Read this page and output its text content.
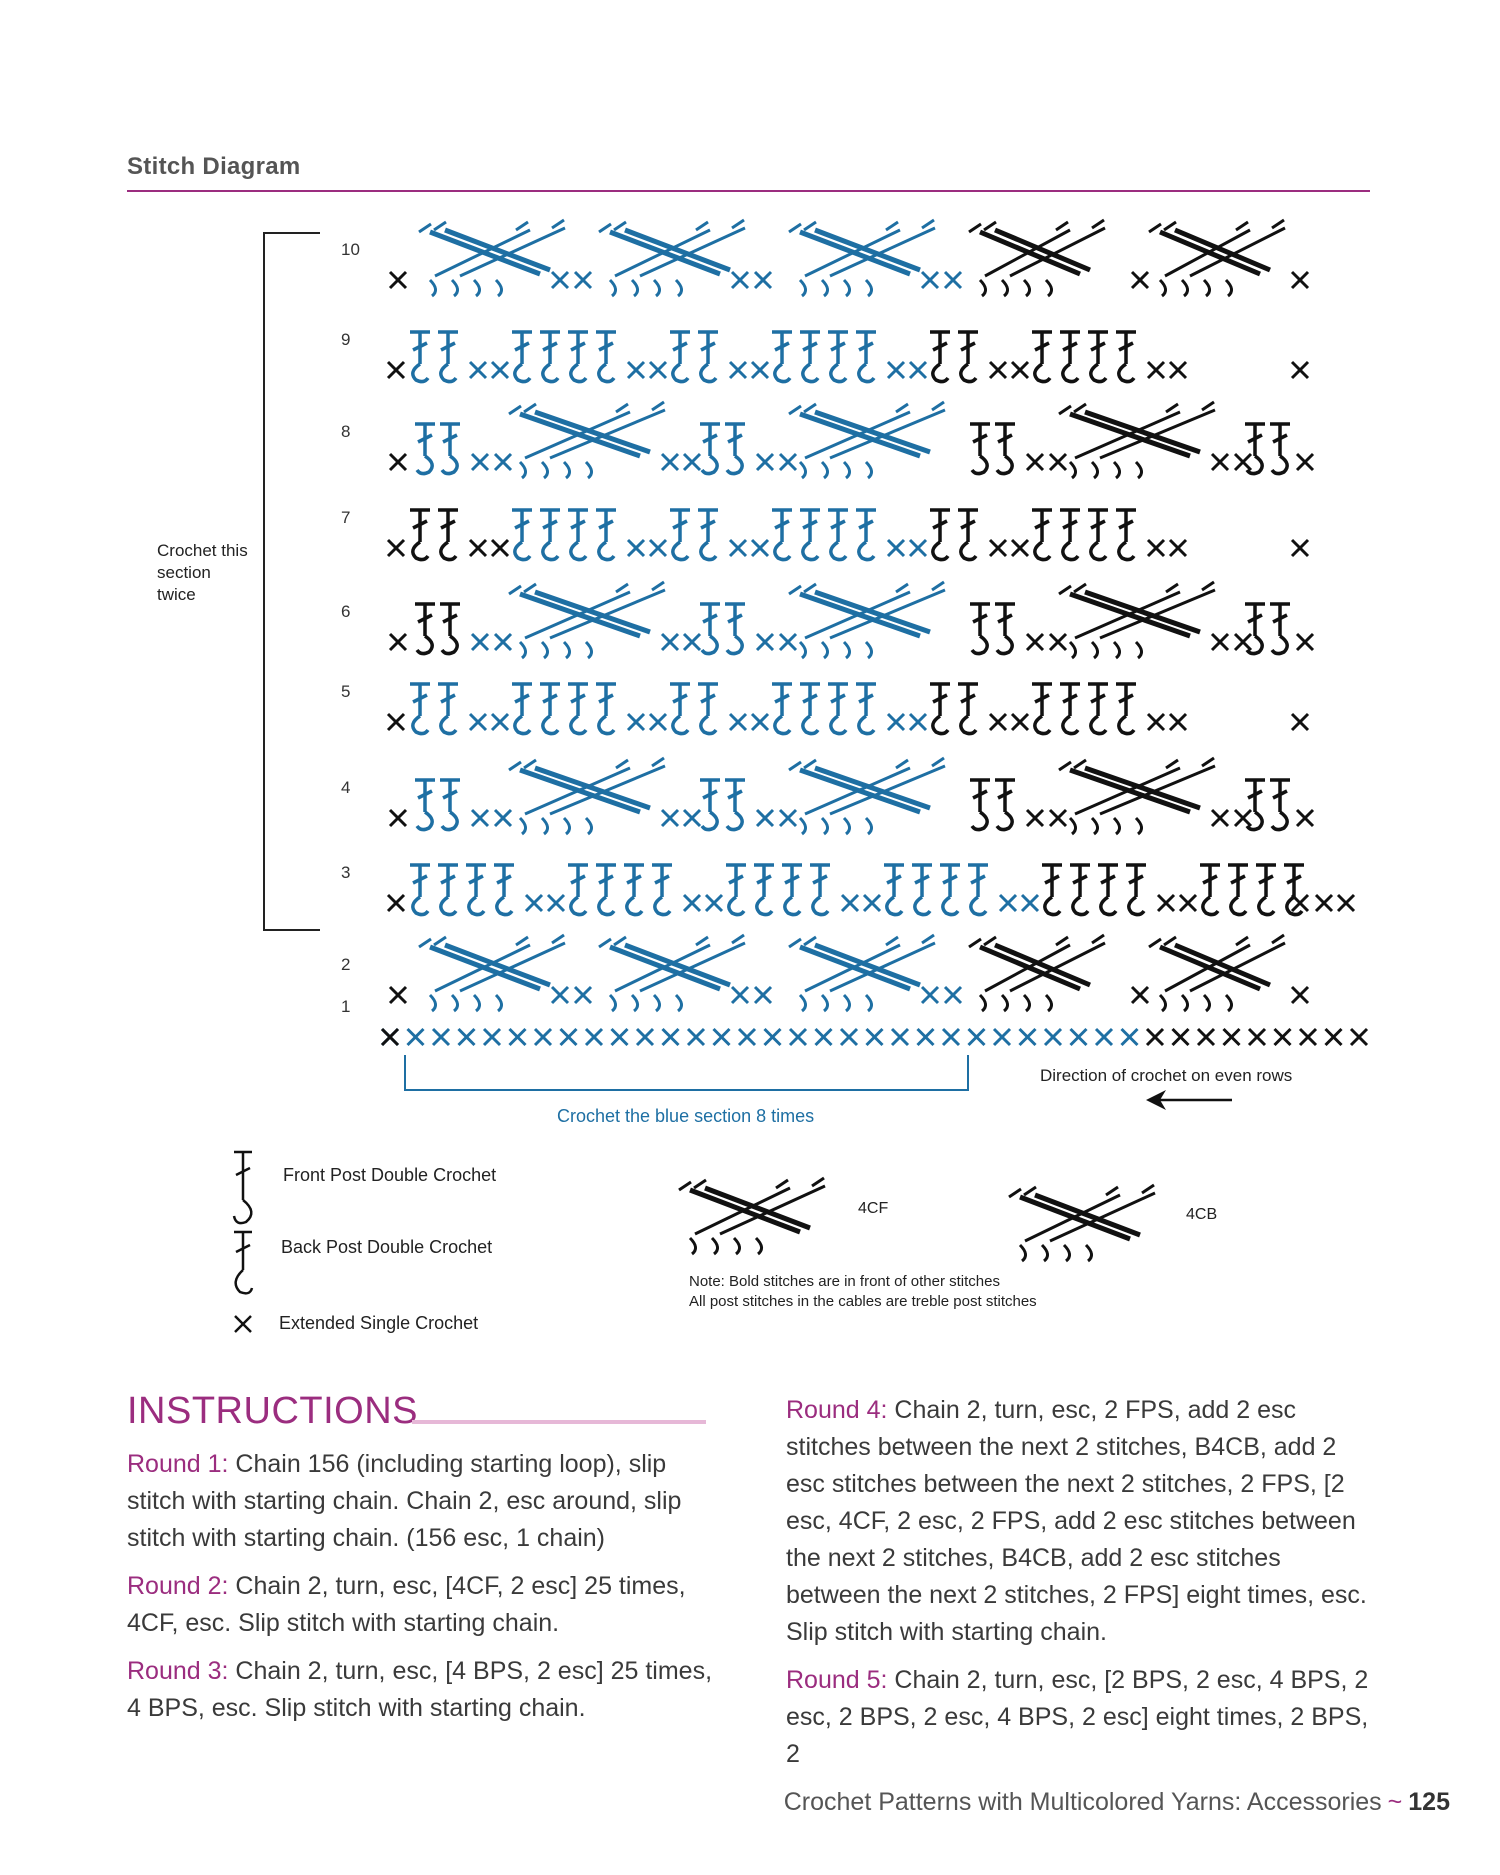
Stitch Diagram
10
9
8
7
6
5
4
3
2
1
Crochet this
section
twice
Crochet the blue section 8 times
Direction of crochet on even rows
Front Post Double Crochet
Back Post Double Crochet
Extended Single Crochet
4CF	4CB
Note: Bold stitches are in front of other stitches
All post stitches in the cables are treble post stitches
INSTRUCTIONS

Round 1: Chain 156 (including starting loop), slip stitch with starting chain. Chain 2, esc around, slip stitch with starting chain. (156 esc, 1 chain)

Round 2: Chain 2, turn, esc, [4CF, 2 esc] 25 times, 4CF, esc. Slip stitch with starting chain.

Round 3: Chain 2, turn, esc, [4 BPS, 2 esc] 25 times, 4 BPS, esc. Slip stitch with starting chain.

Round 4: Chain 2, turn, esc, 2 FPS, add 2 esc stitches between the next 2 stitches, B4CB, add 2 esc stitches between the next 2 stitches, 2 FPS, [2 esc, 4CF, 2 esc, 2 FPS, add 2 esc stitches between the next 2 stitches, B4CB, add 2 esc stitches between the next 2 stitches, 2 FPS] eight times, esc. Slip stitch with starting chain.

Round 5: Chain 2, turn, esc, [2 BPS, 2 esc, 4 BPS, 2 esc, 2 BPS, 2 esc, 4 BPS, 2 esc] eight times, 2 BPS, 2

Crochet Patterns with Multicolored Yarns: Accessories ~ 125
